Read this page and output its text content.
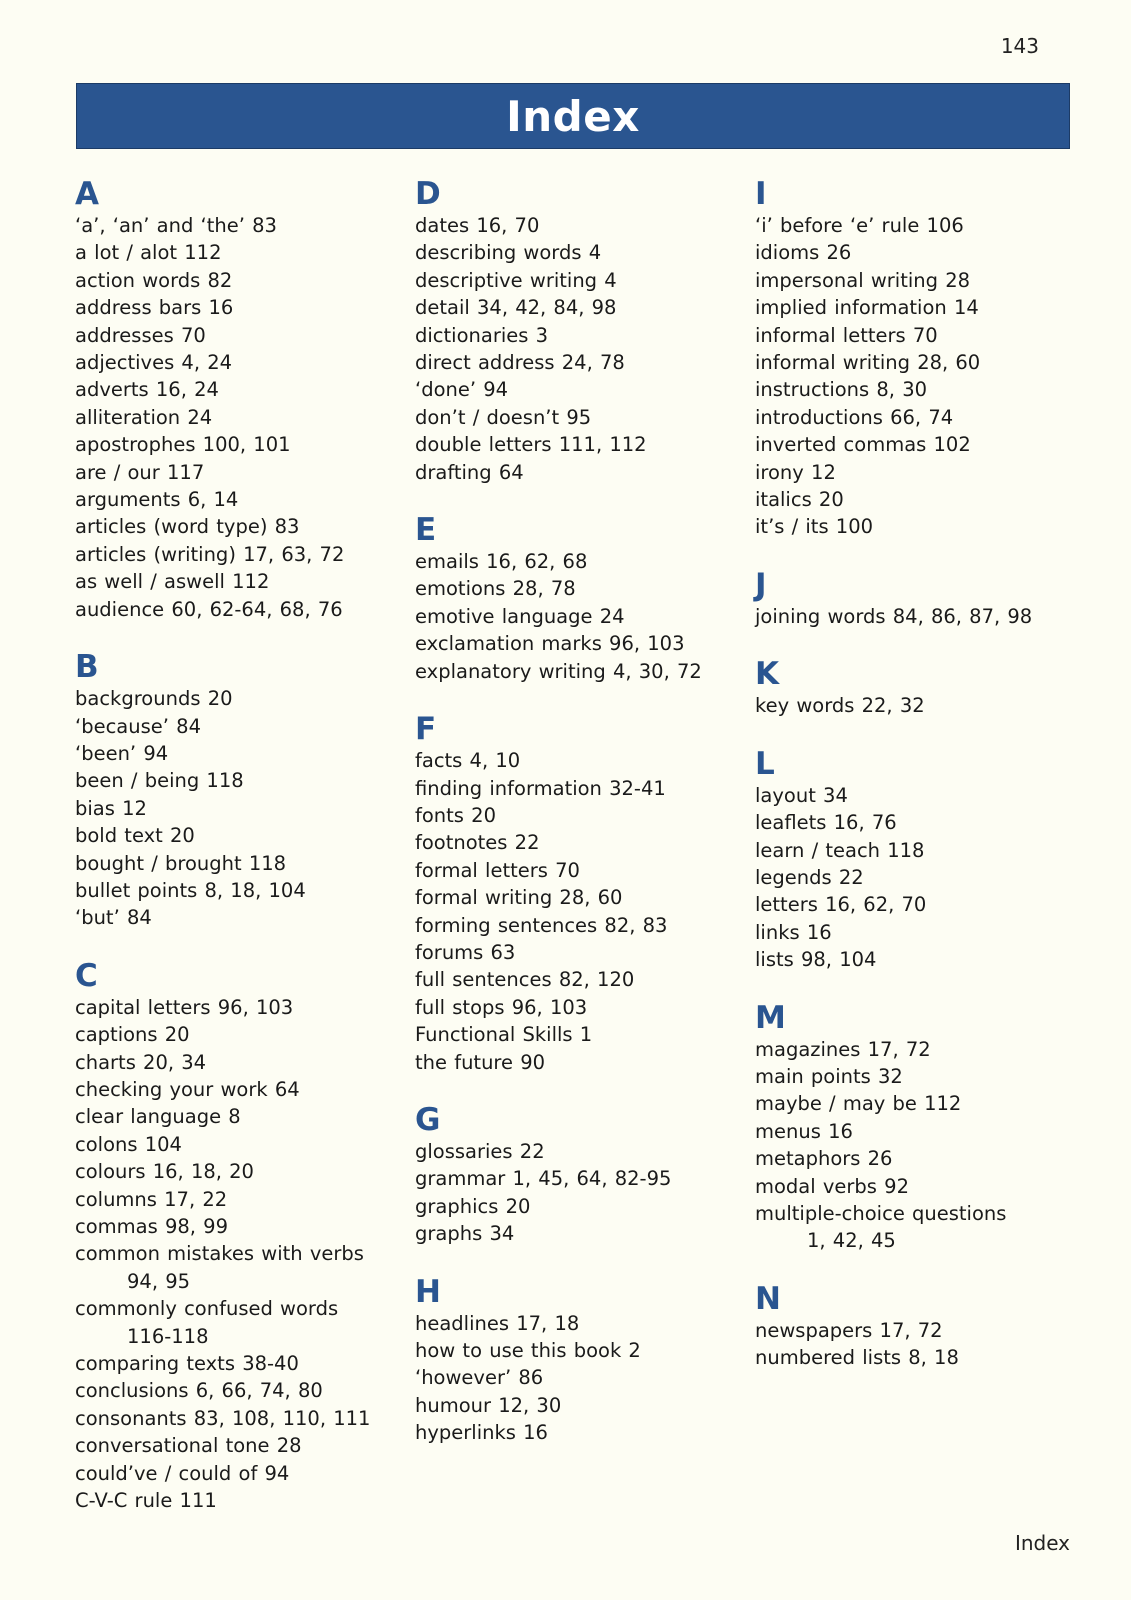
143
Index
A
‘a’, ‘an’ and ‘the’ 83
a lot / alot 112
action words 82
address bars 16
addresses 70
adjectives 4, 24
adverts 16, 24
alliteration 24
apostrophes 100, 101
are / our 117
arguments 6, 14
articles (word type) 83
articles (writing) 17, 63, 72
as well / aswell 112
audience 60, 62-64, 68, 76
B
backgrounds 20
‘because’ 84
‘been’ 94
been / being 118
bias 12
bold text 20
bought / brought 118
bullet points 8, 18, 104
‘but’ 84
C
capital letters 96, 103
captions 20
charts 20, 34
checking your work 64
clear language 8
colons 104
colours 16, 18, 20
columns 17, 22
commas 98, 99
common mistakes with verbs
94, 95
commonly confused words
116-118
comparing texts 38-40
conclusions 6, 66, 74, 80
consonants 83, 108, 110, 111
conversational tone 28
could’ve / could of 94
C-V-C rule 111
D
dates 16, 70
describing words 4
descriptive writing 4
detail 34, 42, 84, 98
dictionaries 3
direct address 24, 78
‘done’ 94
don’t / doesn’t 95
double letters 111, 112
drafting 64
E
emails 16, 62, 68
emotions 28, 78
emotive language 24
exclamation marks 96, 103
explanatory writing 4, 30, 72
F
facts 4, 10
finding information 32-41
fonts 20
footnotes 22
formal letters 70
formal writing 28, 60
forming sentences 82, 83
forums 63
full sentences 82, 120
full stops 96, 103
Functional Skills 1
the future 90
G
glossaries 22
grammar 1, 45, 64, 82-95
graphics 20
graphs 34
H
headlines 17, 18
how to use this book 2
‘however’ 86
humour 12, 30
hyperlinks 16
I
‘i’ before ‘e’ rule 106
idioms 26
impersonal writing 28
implied information 14
informal letters 70
informal writing 28, 60
instructions 8, 30
introductions 66, 74
inverted commas 102
irony 12
italics 20
it’s / its 100
J
joining words 84, 86, 87, 98
K
key words 22, 32
L
layout 34
leaflets 16, 76
learn / teach 118
legends 22
letters 16, 62, 70
links 16
lists 98, 104
M
magazines 17, 72
main points 32
maybe / may be 112
menus 16
metaphors 26
modal verbs 92
multiple-choice questions
1, 42, 45
N
newspapers 17, 72
numbered lists 8, 18
Index
